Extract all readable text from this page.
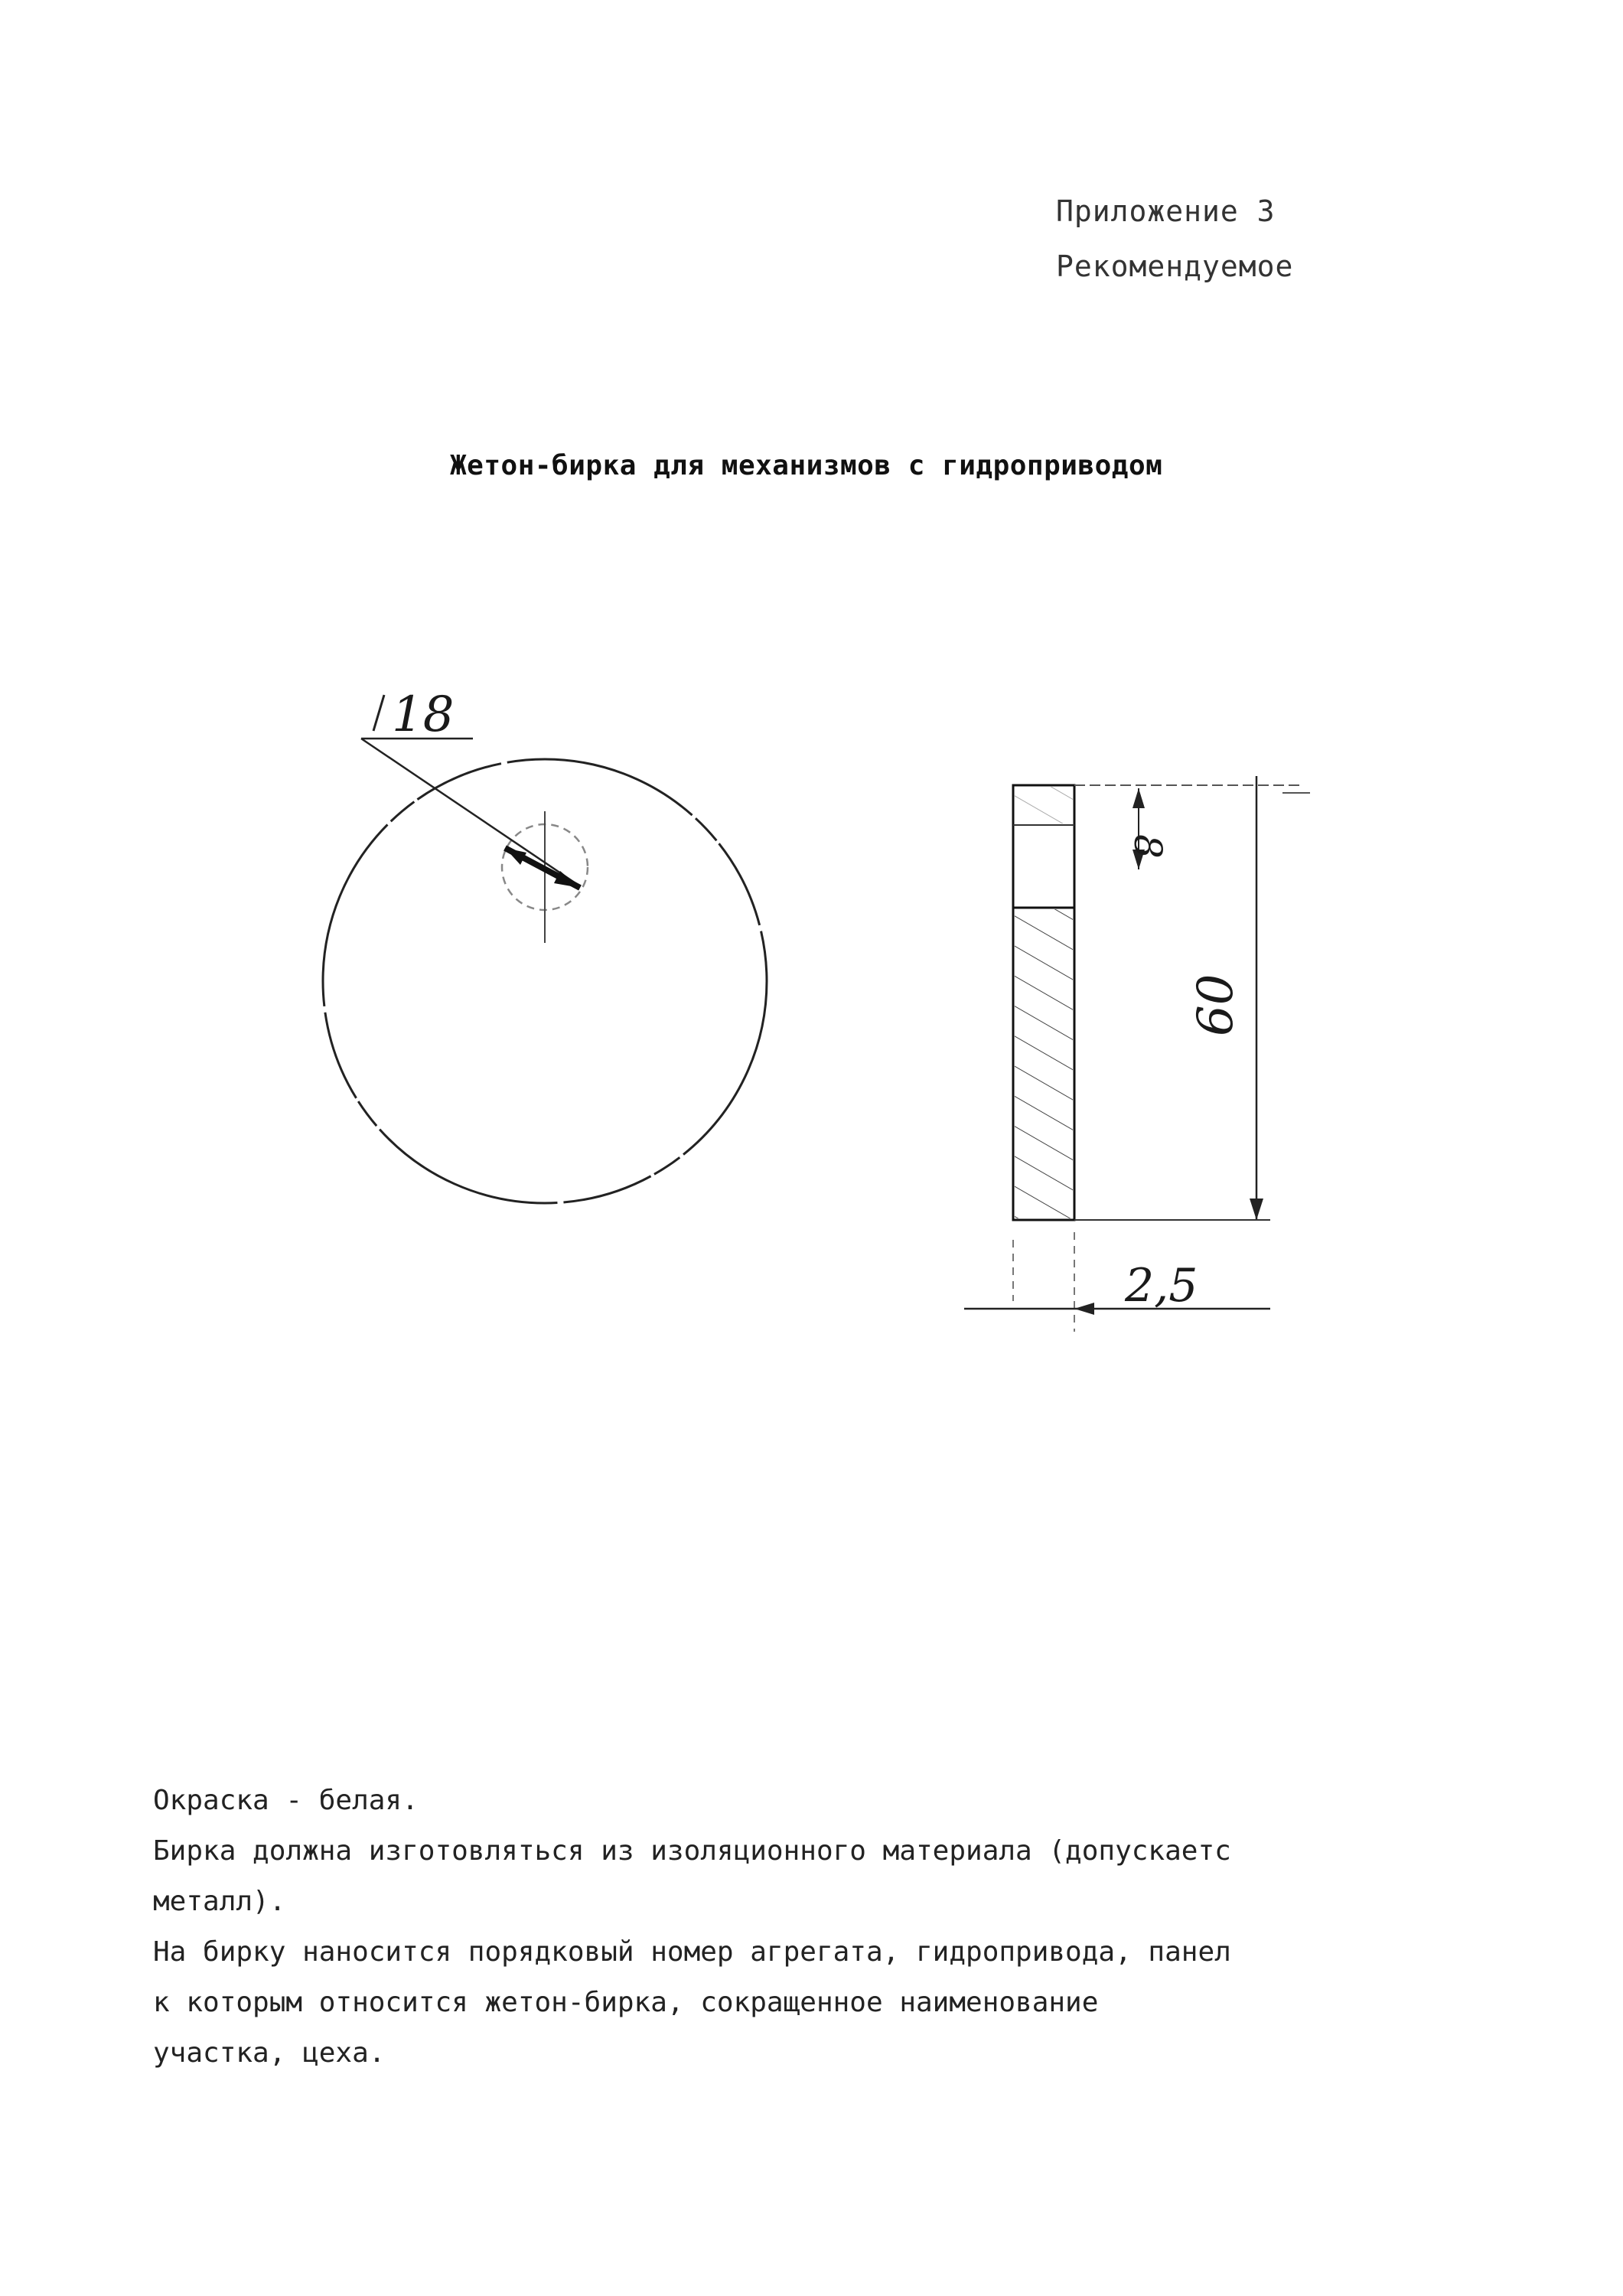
Приложение 3
Рекомендуемое
Жетон-бирка для механизмов с гидроприводом
18
8
60
2,5

Окраска - белая.

Бирка должна изготовляться из изоляционного материала (допускаетс
металл).

На бирку наносится порядковый номер агрегата, гидропривода, панел
к которым относится жетон-бирка, сокращенное наименование
участка, цеха.
